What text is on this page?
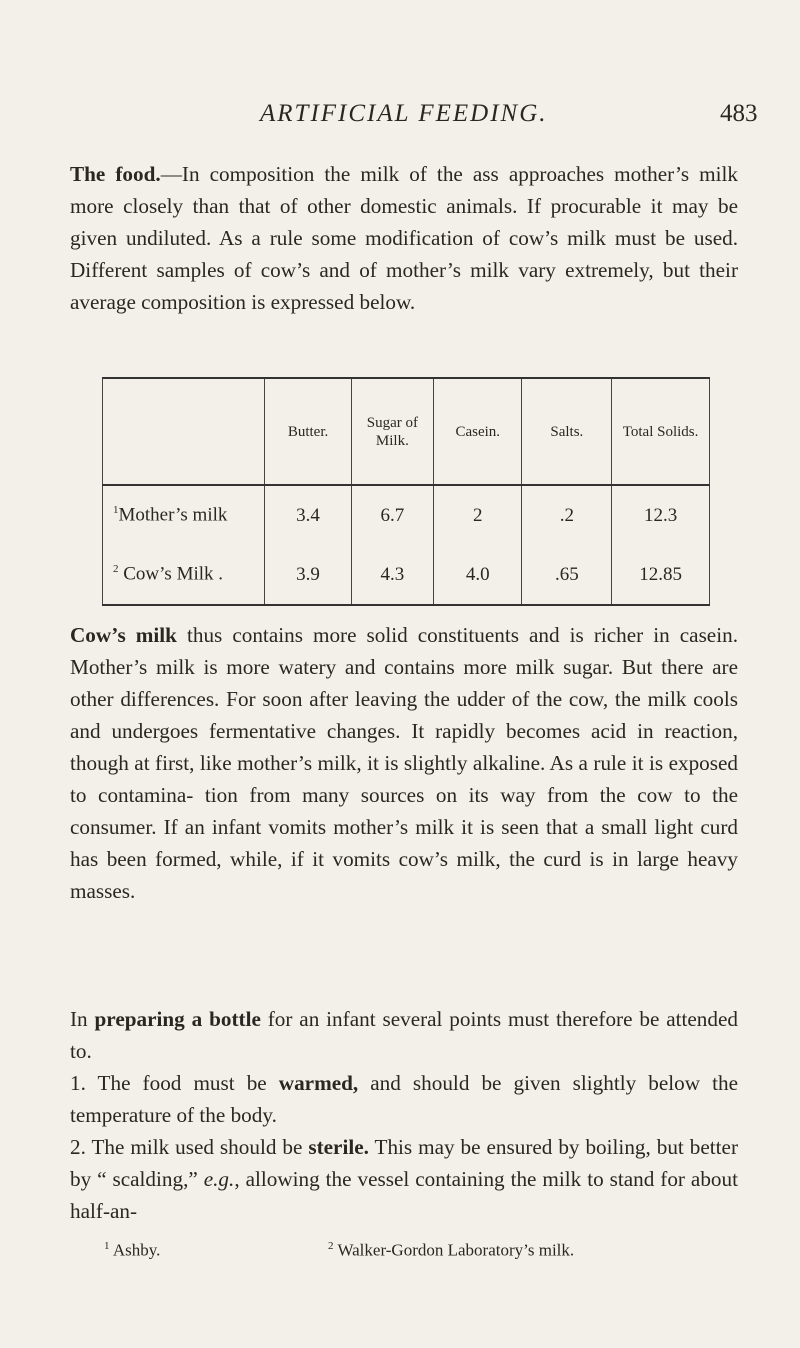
ARTIFICIAL FEEDING.	483
The food.—In composition the milk of the ass approaches mother’s milk more closely than that of other domestic animals. If procurable it may be given undiluted. As a rule some modification of cow’s milk must be used. Different samples of cow’s and of mother’s milk vary extremely, but their average composition is expressed below.
	Butter.	Sugar of Milk.	Casein.	Salts.	Total Solids.
$^1$Mother’s milk	3.4	6.7	2	.2	12.3
$^2$ Cow’s Milk .	3.9	4.3	4.0	.65	12.85
Cow’s milk thus contains more solid constituents and is richer in casein. Mother’s milk is more watery and contains more milk sugar. But there are other differences. For soon after leaving the udder of the cow, the milk cools and undergoes fermentative changes. It rapidly becomes acid in reaction, though at first, like mother’s milk, it is slightly alkaline. As a rule it is exposed to contamina- tion from many sources on its way from the cow to the consumer. If an infant vomits mother’s milk it is seen that a small light curd has been formed, while, if it vomits cow’s milk, the curd is in large heavy masses.
In preparing a bottle for an infant several points must therefore be attended to.
1. The food must be warmed, and should be given slightly below the temperature of the body.
2. The milk used should be sterile. This may be ensured by boiling, but better by “ scalding,” e.g., allowing the vessel containing the milk to stand for about half-an-
$^1$ Ashby.	$^2$ Walker-Gordon Laboratory’s milk.
